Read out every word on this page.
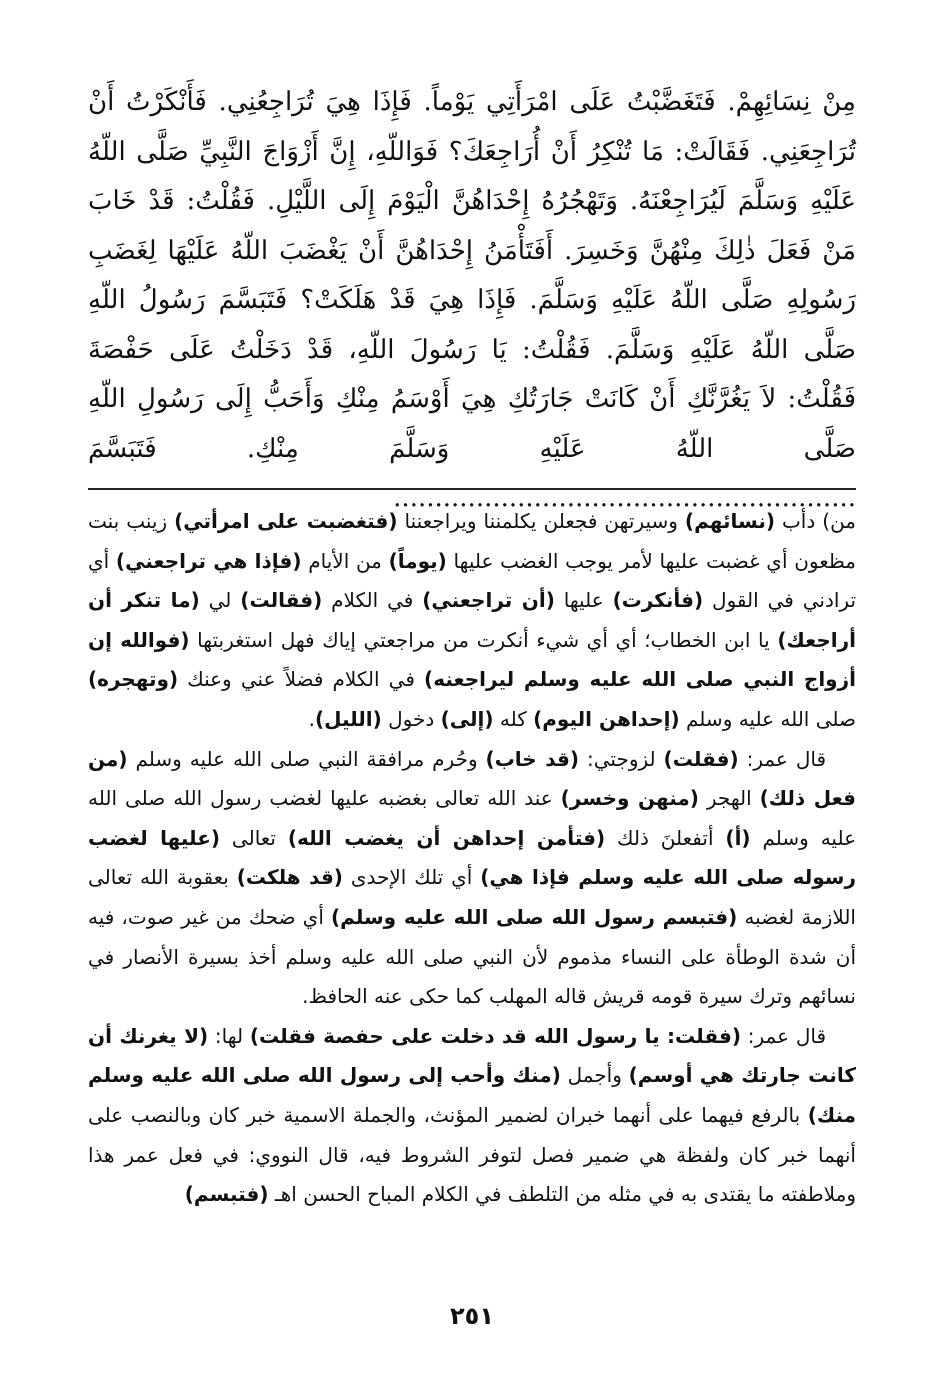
مِنْ نِسَائِهِمْ. فَتَغَضَّبْتُ عَلَى امْرَأَتِي يَوْماً. فَإِذَا هِيَ تُرَاجِعُنِي. فَأَنْكَرْتُ أَنْ تُرَاجِعَنِي. فَقَالَتْ: مَا تُنْكِرُ أَنْ أُرَاجِعَكَ؟ فَوَاللّهِ، إِنَّ أَزْوَاجَ النَّبِيِّ صَلَّى اللّهُ عَلَيْهِ وَسَلَّمَ لَيُرَاجِعْنَهُ. وَتَهْجُرُهُ إِحْدَاهُنَّ الْيَوْمَ إِلَى اللَّيْلِ. فَقُلْتُ: قَدْ خَابَ مَنْ فَعَلَ ذٰلِكَ مِنْهُنَّ وَخَسِرَ. أَفَتَأْمَنُ إِحْدَاهُنَّ أَنْ يَغْضَبَ اللّهُ عَلَيْهَا لِغَضَبِ رَسُولِهِ صَلَّى اللّهُ عَلَيْهِ وَسَلَّمَ. فَإِذَا هِيَ قَدْ هَلَكَتْ؟ فَتَبَسَّمَ رَسُولُ اللّهِ صَلَّى اللّهُ عَلَيْهِ وَسَلَّمَ. فَقُلْتُ: يَا رَسُولَ اللّهِ، قَدْ دَخَلْتُ عَلَى حَفْصَةَ فَقُلْتُ: لاَ يَغُرَّنَّكِ أَنْ كَانَتْ جَارَتُكِ هِيَ أَوْسَمُ مِنْكِ وَأَحَبُّ إِلَى رَسُولِ اللّهِ صَلَّى اللّهُ عَلَيْهِ وَسَلَّمَ مِنْكِ. فَتَبَسَّمَ ........................................................

من) دأب (نسائهم) وسيرتهن فجعلن يكلمننا ويراجعننا (فتغضبت على امرأتي) زينب بنت مظعون أي غضبت عليها لأمر يوجب الغضب عليها (يوماً) من الأيام (فإذا هي تراجعني) أي ترادني في القول (فأنكرت) عليها (أن تراجعني) في الكلام (فقالت) لي (ما تنكر أن أراجعك) يا ابن الخطاب؛ أي أي شيء أنكرت من مراجعتي إياك فهل استغربتها (فوالله إن أزواج النبي صلى الله عليه وسلم ليراجعنه) في الكلام فضلاً عني وعنك (وتهجره) صلى الله عليه وسلم (إحداهن اليوم) كله (إلى) دخول (الليل).

قال عمر: (فقلت) لزوجتي: (قد خاب) وحُرم مرافقة النبي صلى الله عليه وسلم (من فعل ذلك) الهجر (منهن وخسر) عند الله تعالى بغضبه عليها لغضب رسول الله صلى الله عليه وسلم (أ) أتفعلنَ ذلك (فتأمن إحداهن أن يغضب الله) تعالى (عليها لغضب رسوله صلى الله عليه وسلم فإذا هي) أي تلك الإحدى (قد هلكت) بعقوبة الله تعالى اللازمة لغضبه (فتبسم رسول الله صلى الله عليه وسلم) أي ضحك من غير صوت، فيه أن شدة الوطأة على النساء مذموم لأن النبي صلى الله عليه وسلم أخذ بسيرة الأنصار في نسائهم وترك سيرة قومه قريش قاله المهلب كما حكى عنه الحافظ.

قال عمر: (فقلت: يا رسول الله قد دخلت على حفصة فقلت) لها: (لا يغرنك أن كانت جارتك هي أوسم) وأجمل (منك وأحب إلى رسول الله صلى الله عليه وسلم منك) بالرفع فيهما على أنهما خبران لضمير المؤنث، والجملة الاسمية خبر كان وبالنصب على أنهما خبر كان ولفظة هي ضمير فصل لتوفر الشروط فيه، قال النووي: في فعل عمر هذا وملاطفته ما يقتدى به في مثله من التلطف في الكلام المباح الحسن اهـ (فتبسم)

٢٥١
